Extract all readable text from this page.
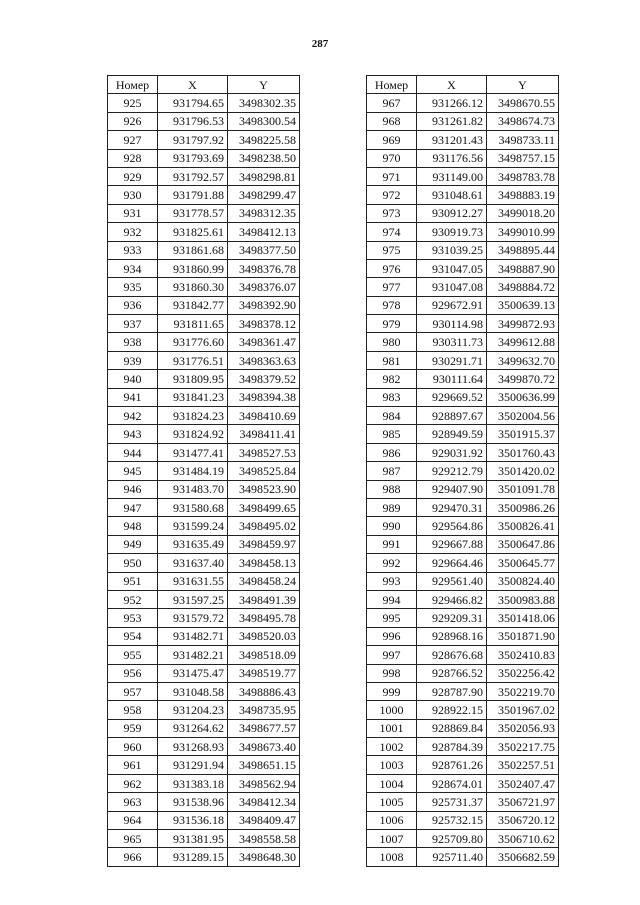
287
Номер	X	Y
925	931794.65	3498302.35
926	931796.53	3498300.54
927	931797.92	3498225.58
928	931793.69	3498238.50
929	931792.57	3498298.81
930	931791.88	3498299.47
931	931778.57	3498312.35
932	931825.61	3498412.13
933	931861.68	3498377.50
934	931860.99	3498376.78
935	931860.30	3498376.07
936	931842.77	3498392.90
937	931811.65	3498378.12
938	931776.60	3498361.47
939	931776.51	3498363.63
940	931809.95	3498379.52
941	931841.23	3498394.38
942	931824.23	3498410.69
943	931824.92	3498411.41
944	931477.41	3498527.53
945	931484.19	3498525.84
946	931483.70	3498523.90
947	931580.68	3498499.65
948	931599.24	3498495.02
949	931635.49	3498459.97
950	931637.40	3498458.13
951	931631.55	3498458.24
952	931597.25	3498491.39
953	931579.72	3498495.78
954	931482.71	3498520.03
955	931482.21	3498518.09
956	931475.47	3498519.77
957	931048.58	3498886.43
958	931204.23	3498735.95
959	931264.62	3498677.57
960	931268.93	3498673.40
961	931291.94	3498651.15
962	931383.18	3498562.94
963	931538.96	3498412.34
964	931536.18	3498409.47
965	931381.95	3498558.58
966	931289.15	3498648.30
Номер	X	Y
967	931266.12	3498670.55
968	931261.82	3498674.73
969	931201.43	3498733.11
970	931176.56	3498757.15
971	931149.00	3498783.78
972	931048.61	3498883.19
973	930912.27	3499018.20
974	930919.73	3499010.99
975	931039.25	3498895.44
976	931047.05	3498887.90
977	931047.08	3498884.72
978	929672.91	3500639.13
979	930114.98	3499872.93
980	930311.73	3499612.88
981	930291.71	3499632.70
982	930111.64	3499870.72
983	929669.52	3500636.99
984	928897.67	3502004.56
985	928949.59	3501915.37
986	929031.92	3501760.43
987	929212.79	3501420.02
988	929407.90	3501091.78
989	929470.31	3500986.26
990	929564.86	3500826.41
991	929667.88	3500647.86
992	929664.46	3500645.77
993	929561.40	3500824.40
994	929466.82	3500983.88
995	929209.31	3501418.06
996	928968.16	3501871.90
997	928676.68	3502410.83
998	928766.52	3502256.42
999	928787.90	3502219.70
1000	928922.15	3501967.02
1001	928869.84	3502056.93
1002	928784.39	3502217.75
1003	928761.26	3502257.51
1004	928674.01	3502407.47
1005	925731.37	3506721.97
1006	925732.15	3506720.12
1007	925709.80	3506710.62
1008	925711.40	3506682.59
